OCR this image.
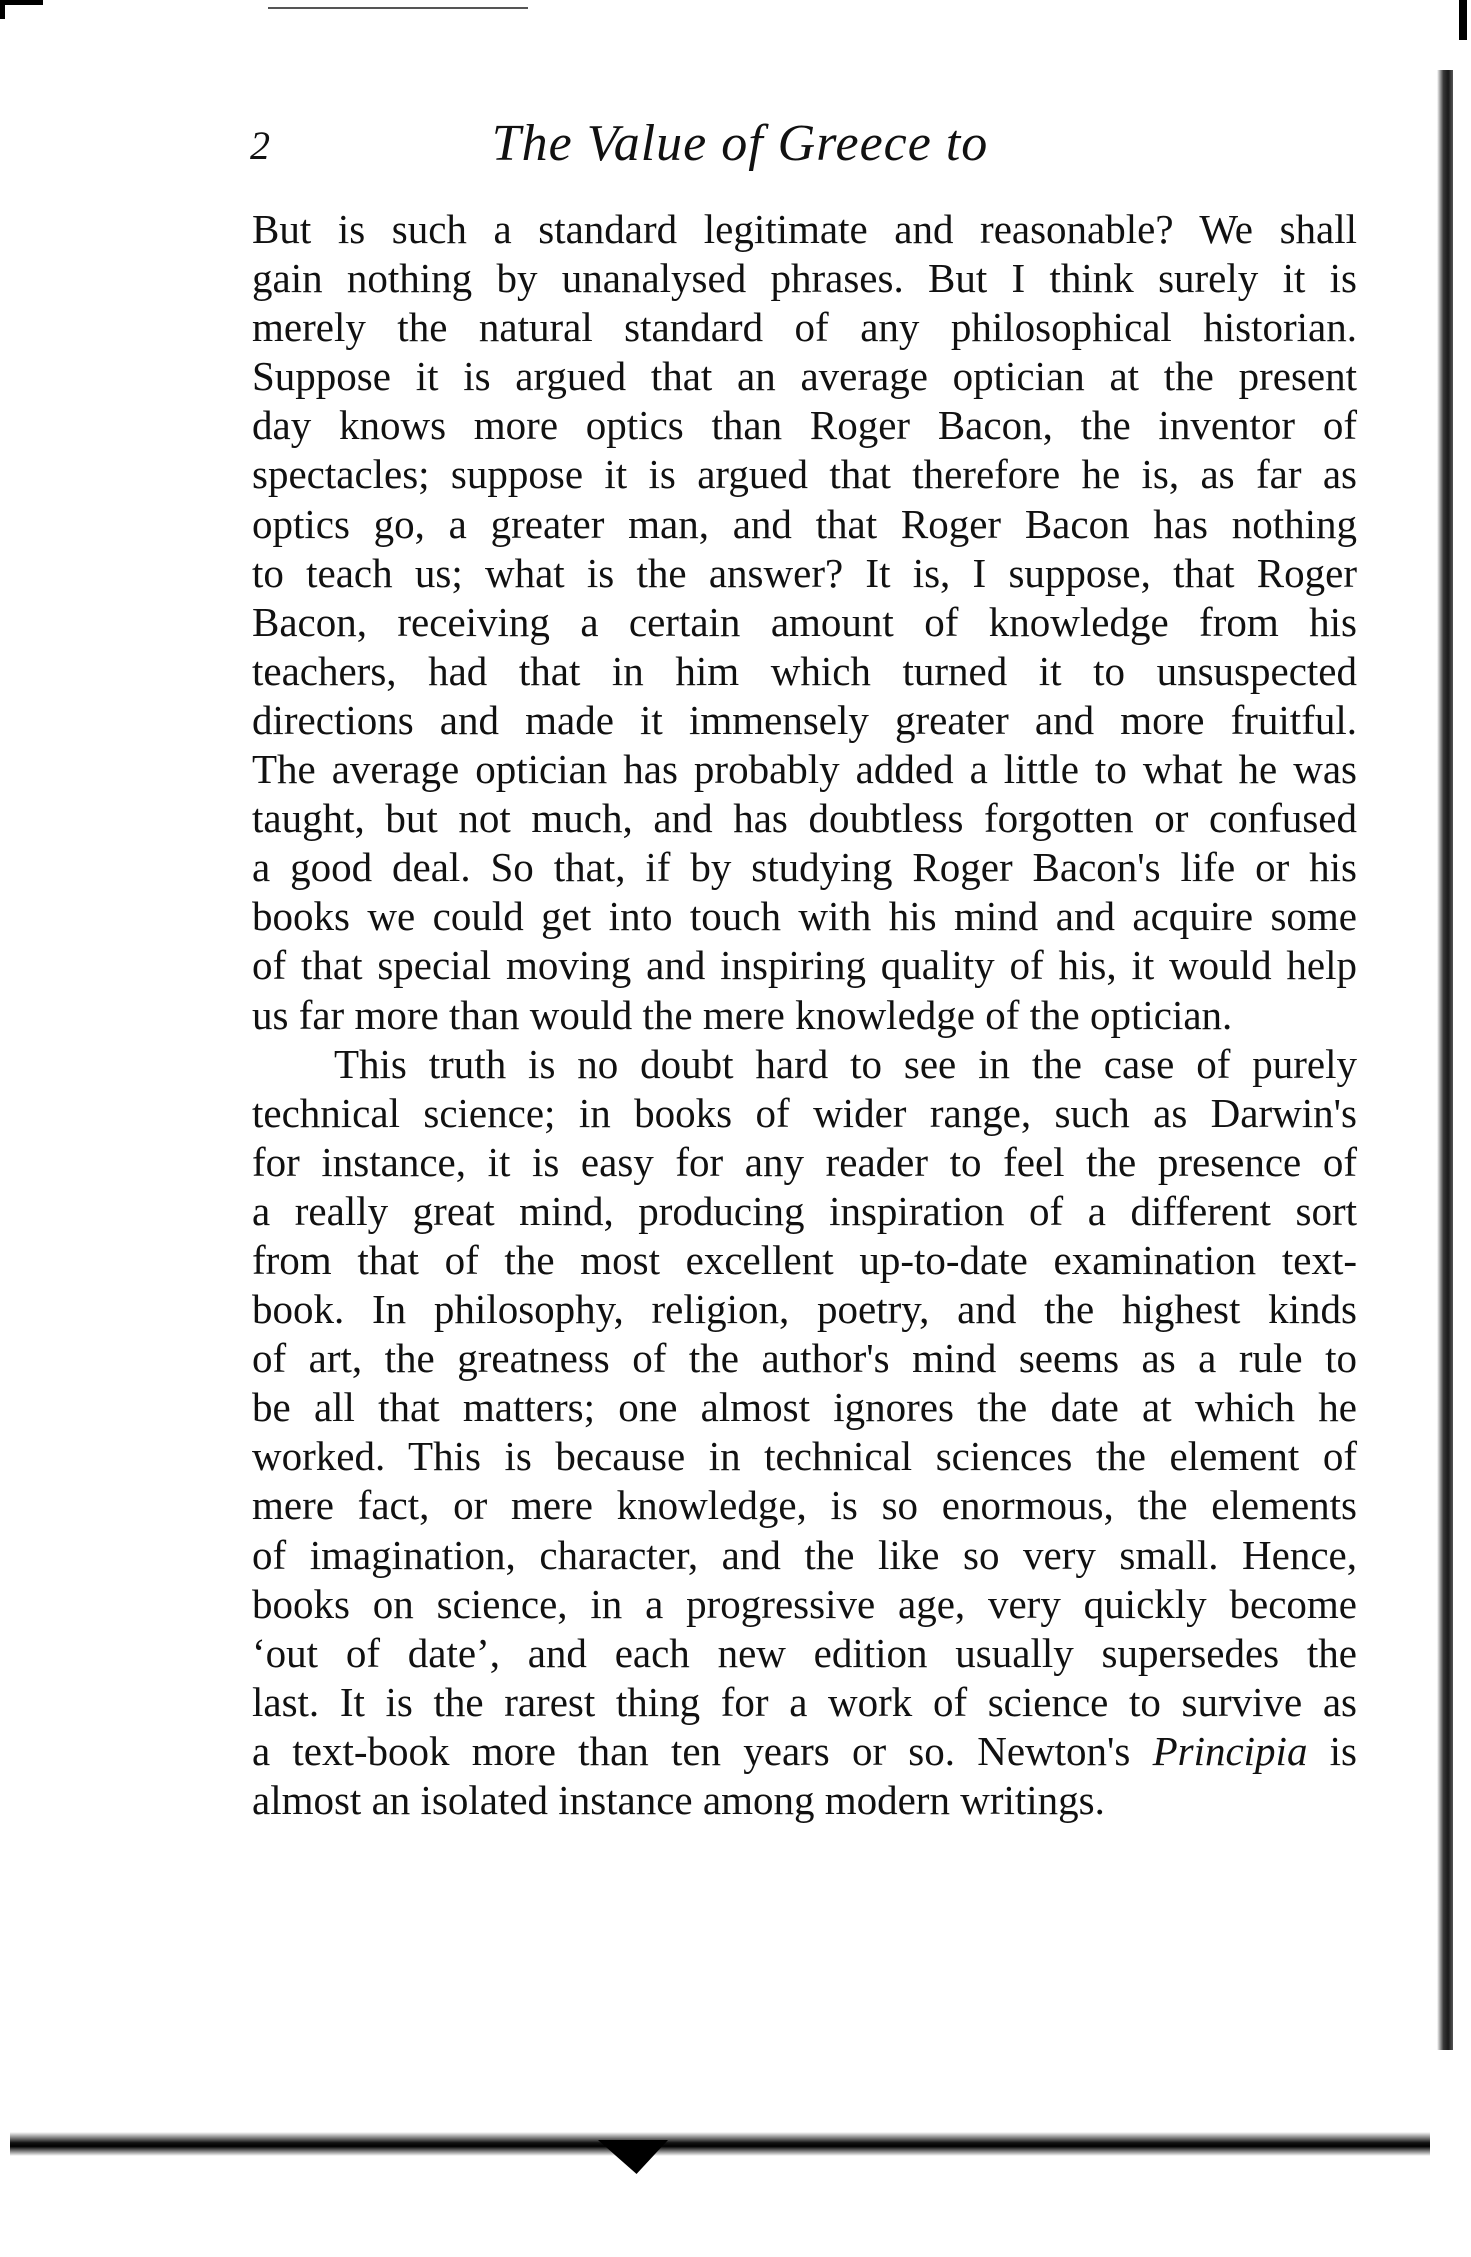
2	The Value of Greece to
But is such a standard legitimate and reasonable? We shall
gain nothing by unanalysed phrases. But I think surely it is
merely the natural standard of any philosophical historian.
Suppose it is argued that an average optician at the present
day knows more optics than Roger Bacon, the inventor of
spectacles; suppose it is argued that therefore he is, as far as
optics go, a greater man, and that Roger Bacon has nothing
to teach us; what is the answer? It is, I suppose, that Roger
Bacon, receiving a certain amount of knowledge from his
teachers, had that in him which turned it to unsuspected
directions and made it immensely greater and more fruitful.
The average optician has probably added a little to what he was
taught, but not much, and has doubtless forgotten or confused
a good deal. So that, if by studying Roger Bacon's life or his
books we could get into touch with his mind and acquire some
of that special moving and inspiring quality of his, it would help
us far more than would the mere knowledge of the optician.
This truth is no doubt hard to see in the case of purely
technical science; in books of wider range, such as Darwin's
for instance, it is easy for any reader to feel the presence of
a really great mind, producing inspiration of a different sort
from that of the most excellent up-to-date examination text-
book. In philosophy, religion, poetry, and the highest kinds
of art, the greatness of the author's mind seems as a rule to
be all that matters; one almost ignores the date at which he
worked. This is because in technical sciences the element of
mere fact, or mere knowledge, is so enormous, the elements
of imagination, character, and the like so very small. Hence,
books on science, in a progressive age, very quickly become
‘out of date’, and each new edition usually supersedes the
last. It is the rarest thing for a work of science to survive as
a text-book more than ten years or so. Newton's Principia is
almost an isolated instance among modern writings.
